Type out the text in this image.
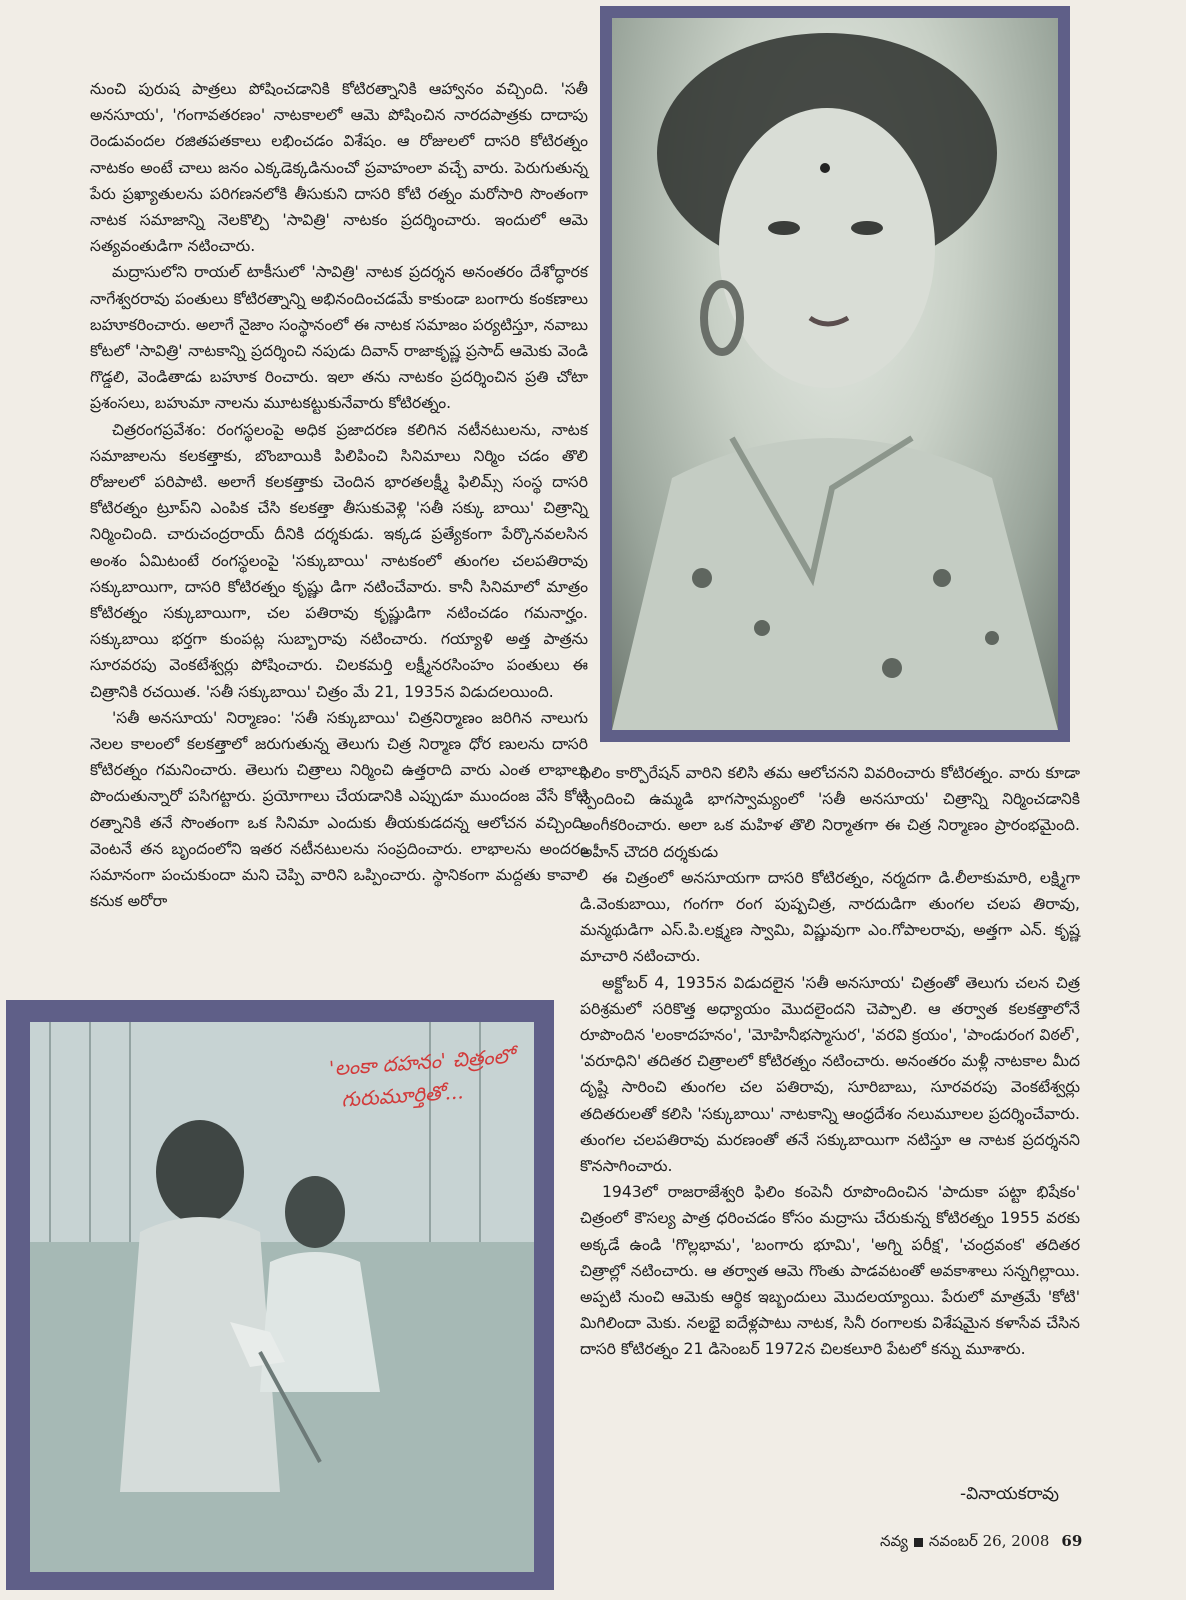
నుంచి పురుష పాత్రలు పోషించడానికి కోటిరత్నానికి ఆహ్వానం వచ్చింది. 'సతీ అనసూయ', 'గంగావతరణం' నాటకాలలో ఆమె పోషించిన నారదపాత్రకు దాదాపు రెండువందల రజితపతకాలు లభించడం విశేషం. ఆ రోజులలో దాసరి కోటిరత్నం నాటకం అంటే చాలు జనం ఎక్కడెక్కడినుంచో ప్రవాహంలా వచ్చే వారు. పెరుగుతున్న పేరు ప్రఖ్యాతులను పరిగణనలోకి తీసుకుని దాసరి కోటి రత్నం మరోసారి సొంతంగా నాటక సమాజాన్ని నెలకొల్పి 'సావిత్రి' నాటకం ప్రదర్శించారు. ఇందులో ఆమె సత్యవంతుడిగా నటించారు.

మద్రాసులోని రాయల్ టాకీసులో 'సావిత్రి' నాటక ప్రదర్శన అనంతరం దేశోద్ధారక నాగేశ్వరరావు పంతులు కోటిరత్నాన్ని అభినందించడమే కాకుండా బంగారు కంకణాలు బహూకరించారు. అలాగే నైజాం సంస్థానంలో ఈ నాటక సమాజం పర్యటిస్తూ, నవాబు కోటలో 'సావిత్రి' నాటకాన్ని ప్రదర్శించి నపుడు దివాన్ రాజాకృష్ణ ప్రసాద్ ఆమెకు వెండి గొడ్డలి, వెండితాడు బహూక రించారు. ఇలా తను నాటకం ప్రదర్శించిన ప్రతి చోటా ప్రశంసలు, బహుమా నాలను మూటకట్టుకునేవారు కోటిరత్నం.

చిత్రరంగప్రవేశం: రంగస్థలంపై అధిక ప్రజాదరణ కలిగిన నటీనటులను, నాటక సమాజాలను కలకత్తాకు, బొంబాయికి పిలిపించి సినిమాలు నిర్మిం చడం తొలి రోజులలో పరిపాటి. అలాగే కలకత్తాకు చెందిన భారతలక్ష్మీ ఫిలిమ్స్ సంస్థ దాసరి కోటిరత్నం ట్రూప్‌ని ఎంపిక చేసి కలకత్తా తీసుకువెళ్లి 'సతీ సక్కు బాయి' చిత్రాన్ని నిర్మించింది. చారుచంద్రరాయ్ దీనికి దర్శకుడు. ఇక్కడ ప్రత్యేకంగా పేర్కొనవలసిన అంశం ఏమిటంటే రంగస్థలంపై 'సక్కుబాయి' నాటకంలో తుంగల చలపతిరావు సక్కుబాయిగా, దాసరి కోటిరత్నం కృష్ణు డిగా నటించేవారు. కానీ సినిమాలో మాత్రం కోటిరత్నం సక్కుబాయిగా, చల పతిరావు కృష్ణుడిగా నటించడం గమనార్హం. సక్కుబాయి భర్తగా కుంపట్ల సుబ్బారావు నటించారు. గయ్యాళి అత్త పాత్రను సూరవరపు వెంకటేశ్వర్లు పోషించారు. చిలకమర్తి లక్ష్మీనరసింహం పంతులు ఈ చిత్రానికి రచయిత. 'సతీ సక్కుబాయి' చిత్రం మే 21, 1935న విడుదలయింది.

'సతీ అనసూయ' నిర్మాణం: 'సతీ సక్కుబాయి' చిత్రనిర్మాణం జరిగిన నాలుగు నెలల కాలంలో కలకత్తాలో జరుగుతున్న తెలుగు చిత్ర నిర్మాణ ధోర ణులను దాసరి కోటిరత్నం గమనించారు. తెలుగు చిత్రాలు నిర్మించి ఉత్తరాది వారు ఎంత లాభాలు పొందుతున్నారో పసిగట్టారు. ప్రయోగాలు చేయడానికి ఎప్పుడూ ముందంజ వేసే కోటి రత్నానికి తనే సొంతంగా ఒక సినిమా ఎందుకు తీయకుడదన్న ఆలోచన వచ్చింది. వెంటనే తన బృందంలోని ఇతర నటీనటులను సంప్రదించారు. లాభాలను అందరం సమానంగా పంచుకుందా మని చెప్పి వారిని ఒప్పించారు. స్థానికంగా మద్దతు కావాలి కనుక అరోరా

ఫిలిం కార్పొరేషన్ వారిని కలిసి తమ ఆలోచనని వివరించారు కోటిరత్నం. వారు కూడా స్పందించి ఉమ్మడి భాగస్వామ్యంలో 'సతీ అనసూయ' చిత్రాన్ని నిర్మించడానికి అంగీకరించారు. అలా ఒక మహిళ తొలి నిర్మాతగా ఈ చిత్ర నిర్మాణం ప్రారంభమైంది. అహీన్ చౌదరి దర్శకుడు

ఈ చిత్రంలో అనసూయగా దాసరి కోటిరత్నం, నర్మదగా డి.లీలాకుమారి, లక్ష్మిగా డి.వెంకుబాయి, గంగగా రంగ పుష్పచిత్ర, నారదుడిగా తుంగల చలప తిరావు, మన్మథుడిగా ఎస్.పి.లక్ష్మణ స్వామి, విష్ణువుగా ఎం.గోపాలరావు, అత్తగా ఎన్. కృష్ణ మాచారి నటించారు.

అక్టోబర్ 4, 1935న విడుదలైన 'సతీ అనసూయ' చిత్రంతో తెలుగు చలన చిత్ర పరిశ్రమలో సరికొత్త అధ్యాయం మొదలైందని చెప్పాలి. ఆ తర్వాత కలకత్తాలోనే రూపొందిన 'లంకాదహనం', 'మోహినీభస్మాసుర', 'వరవి క్రయం', 'పాండురంగ విఠల్', 'వరూధిని' తదితర చిత్రాలలో కోటిరత్నం నటించారు. అనంతరం మళ్లీ నాటకాల మీద దృష్టి సారించి తుంగల చల పతిరావు, సూరిబాబు, సూరవరపు వెంకటేశ్వర్లు తదితరులతో కలిసి 'సక్కుబాయి' నాటకాన్ని ఆంధ్రదేశం నలుమూలల ప్రదర్శించేవారు. తుంగల చలపతిరావు మరణంతో తనే సక్కుబాయిగా నటిస్తూ ఆ నాటక ప్రదర్శనని కొనసాగించారు.

1943లో రాజరాజేశ్వరి ఫిలిం కంపెనీ రూపొందించిన 'పాదుకా పట్టా భిషేకం' చిత్రంలో కౌసల్య పాత్ర ధరించడం కోసం మద్రాసు చేరుకున్న కోటిరత్నం 1955 వరకు అక్కడే ఉండి 'గొల్లభామ', 'బంగారు భూమి', 'అగ్ని పరీక్ష', 'చంద్రవంక' తదితర చిత్రాల్లో నటించారు. ఆ తర్వాత ఆమె గొంతు పాడవటంతో అవకాశాలు సన్నగిల్లాయి. అప్పటి నుంచి ఆమెకు ఆర్థిక ఇబ్బందులు మొదలయ్యాయి. పేరులో మాత్రమే 'కోటి' మిగిలిందా మెకు. నలభై ఐదేళ్లపాటు నాటక, సినీ రంగాలకు విశేషమైన కళాసేవ చేసిన దాసరి కోటిరత్నం 21 డిసెంబర్ 1972న చిలకలూరి పేటలో కన్ను మూశారు.

'లంకా దహనం' చిత్రంలో
గురుమూర్తితో...
-వినాయకరావు
నవ్య నవంబర్ 26, 2008 69
